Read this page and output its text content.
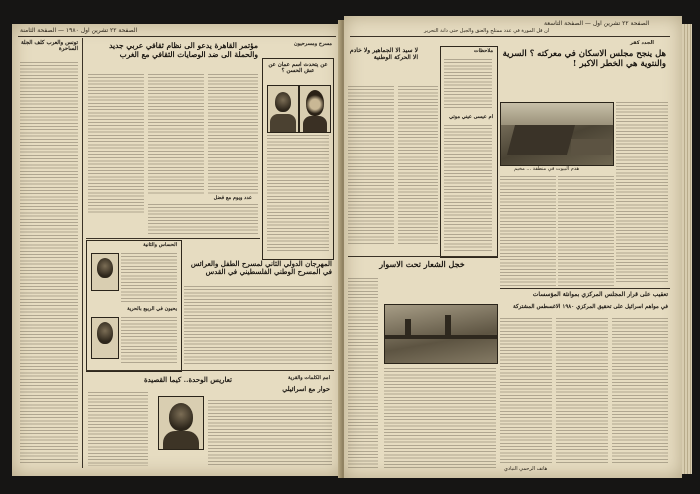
الصفحة ٢٢ تشرين اول ١٩٨٠ — الصفحة الثامنة
تونس والعرب كلف الجلة الساحرة	مؤتمر القاهرة يدعو الى نظام ثقافي عربي جديد والحملة الى ضد الوصايات الثقافي مع الغرب
عدد ويوم مع فضل
عن يتحدث اسم عمان عن عش الحسن ؟
مسرح ومسرحيون
المهرجان الدولي الثاني لمسرح الطفل والعرائس في المسرح الوطني الفلسطيني في القدس
الحساس والثانية
يحيون في الربيع بالحرية
تعاريس الوحدة.. كيما القصيدة	امم الكلمات والقرية
حوار مع اسرائيلي
الصفحة ٢٢ تشرين اول — الصفحة التاسعة
ان قل المورة في عدد ممتلح والعنق والجيل حتى دانة التحرير
الجدد كفر
هل ينجح مجلس الاسكان في معركته ؟ السرية والنتوية هي الخطر الاكبر !
هدم البيوت في منطقة ... مخيم
لا سيد الا الجماهير ولا خادم الا الحركة الوطنية
ملاحظات
ام عيسى عيني موتي
خجل الشعار تحت الاسوار
تعقيب على قرار المجلس المركزي بموانئة المؤسسات
في مواهم اسرائيل على تحقيق المركزي ١٩٨٠ الاغسطس المشتركة
هاتف الرحمي النيادي
